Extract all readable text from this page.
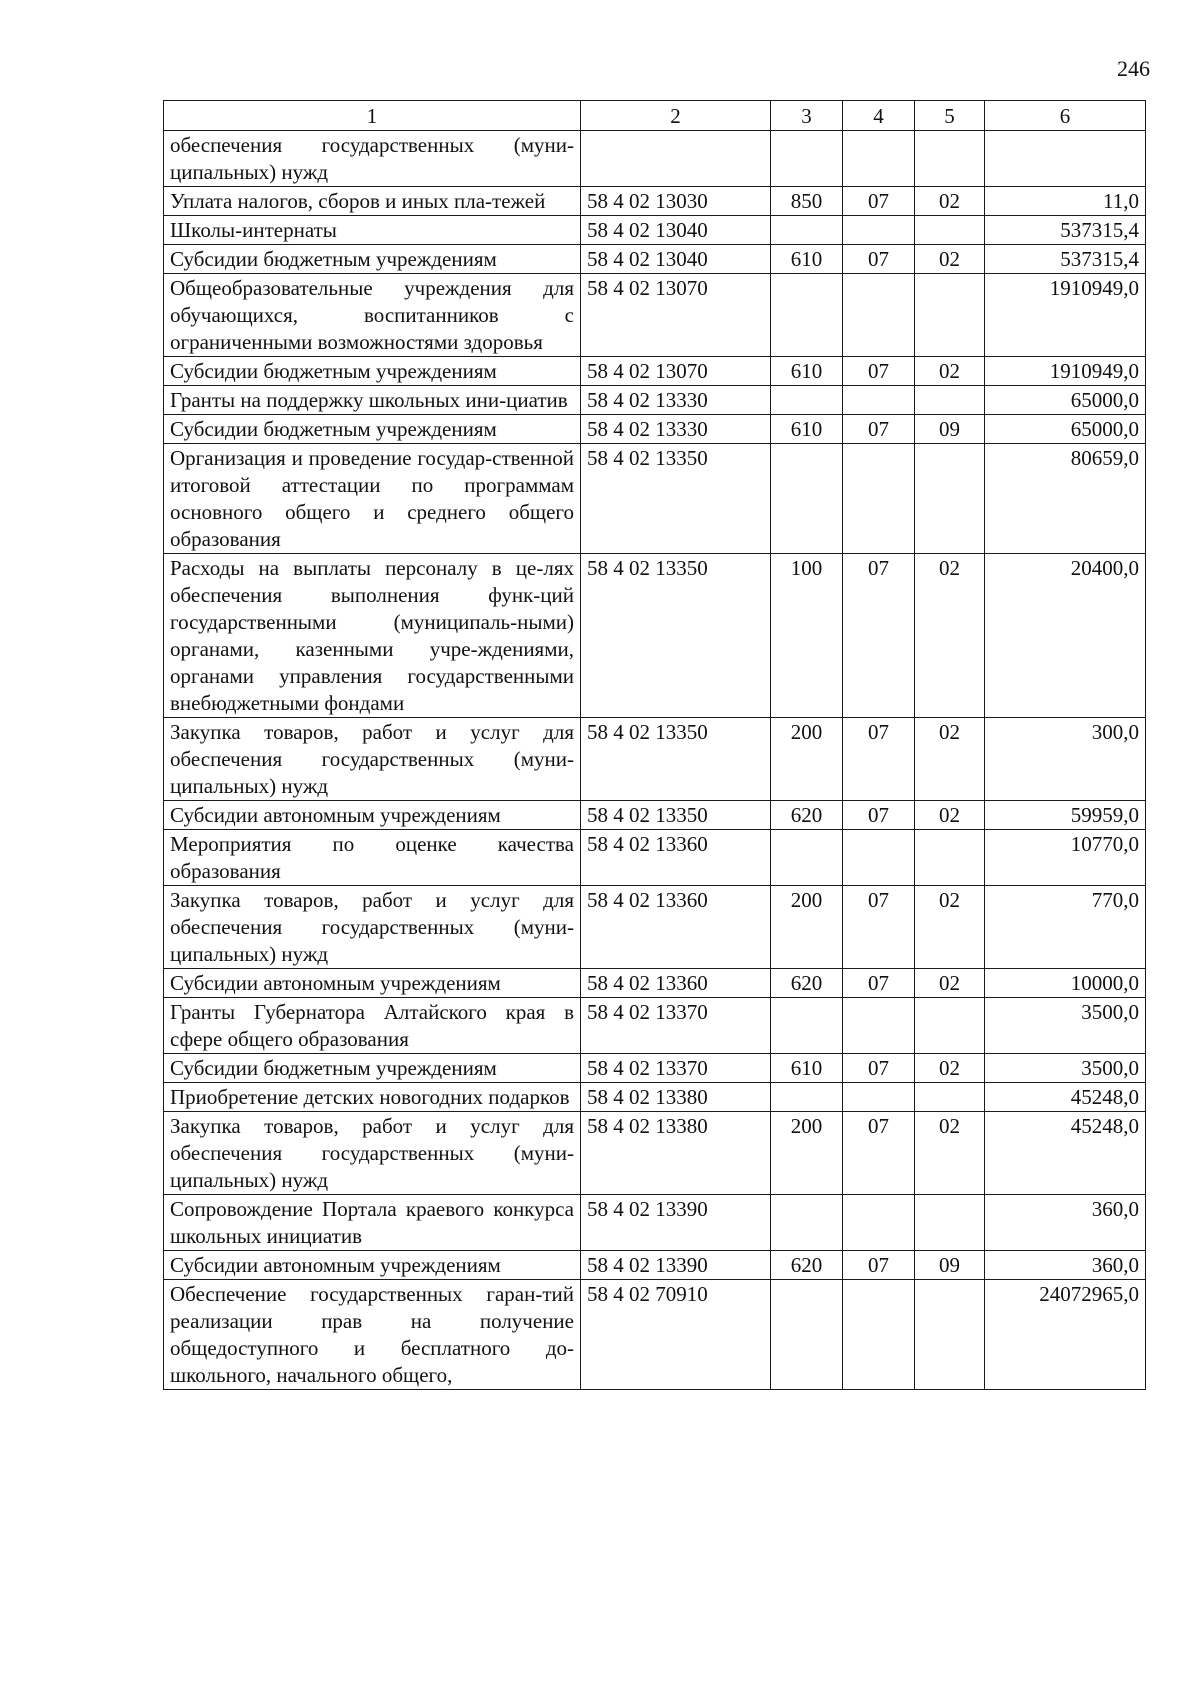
246
1	2	3	4	5	6
обеспечения государственных (муни-ципальных) нужд					
Уплата налогов, сборов и иных пла-тежей	58 4 02 13030	850	07	02	11,0
Школы-интернаты	58 4 02 13040				537315,4
Субсидии бюджетным учреждениям	58 4 02 13040	610	07	02	537315,4
Общеобразовательные учреждения для обучающихся, воспитанников с ограниченными возможностями здоровья	58 4 02 13070				1910949,0
Субсидии бюджетным учреждениям	58 4 02 13070	610	07	02	1910949,0
Гранты на поддержку школьных ини-циатив	58 4 02 13330				65000,0
Субсидии бюджетным учреждениям	58 4 02 13330	610	07	09	65000,0
Организация и проведение государ-ственной итоговой аттестации по программам основного общего и среднего общего образования	58 4 02 13350				80659,0
Расходы на выплаты персоналу в це-лях обеспечения выполнения функ-ций государственными (муниципаль-ными) органами, казенными учре-ждениями, органами управления государственными внебюджетными фондами	58 4 02 13350	100	07	02	20400,0
Закупка товаров, работ и услуг для обеспечения государственных (муни-ципальных) нужд	58 4 02 13350	200	07	02	300,0
Субсидии автономным учреждениям	58 4 02 13350	620	07	02	59959,0
Мероприятия по оценке качества образования	58 4 02 13360				10770,0
Закупка товаров, работ и услуг для обеспечения государственных (муни-ципальных) нужд	58 4 02 13360	200	07	02	770,0
Субсидии автономным учреждениям	58 4 02 13360	620	07	02	10000,0
Гранты Губернатора Алтайского края в сфере общего образования	58 4 02 13370				3500,0
Субсидии бюджетным учреждениям	58 4 02 13370	610	07	02	3500,0
Приобретение детских новогодних подарков	58 4 02 13380				45248,0
Закупка товаров, работ и услуг для обеспечения государственных (муни-ципальных) нужд	58 4 02 13380	200	07	02	45248,0
Сопровождение Портала краевого конкурса школьных инициатив	58 4 02 13390				360,0
Субсидии автономным учреждениям	58 4 02 13390	620	07	09	360,0
Обеспечение государственных гаран-тий реализации прав на получение общедоступного и бесплатного до-школьного, начального общего,	58 4 02 70910				24072965,0
